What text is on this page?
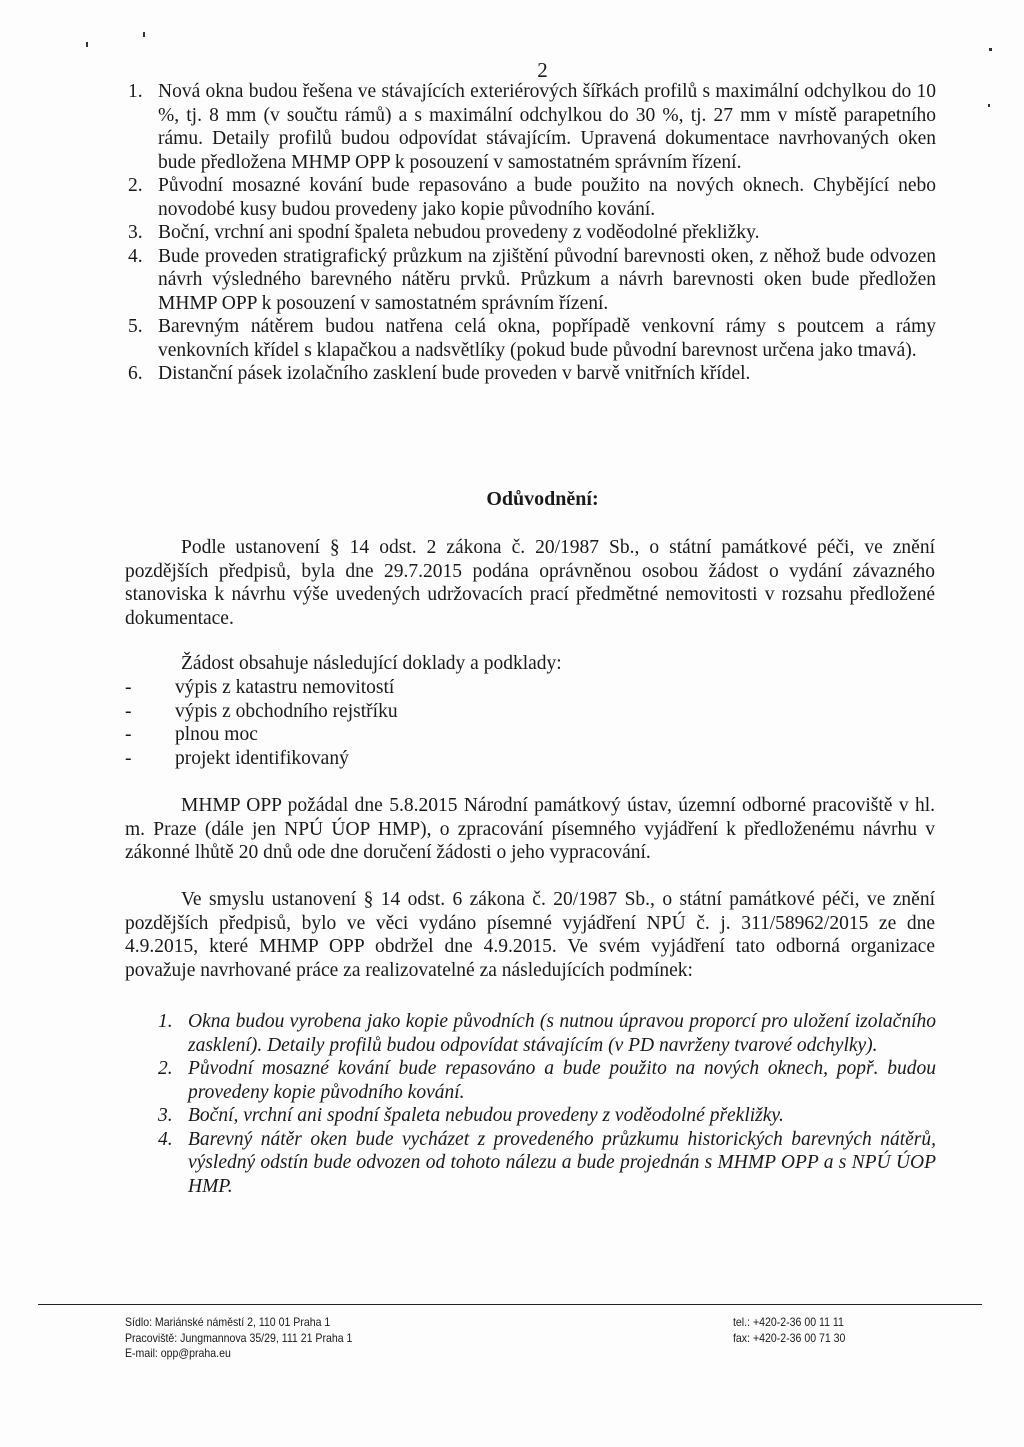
2
1. Nová okna budou řešena ve stávajících exteriérových šířkách profilů s maximální odchylkou do 10 %, tj. 8 mm (v součtu rámů) a s maximální odchylkou do 30 %, tj. 27 mm v místě parapetního rámu. Detaily profilů budou odpovídat stávajícím. Upravená dokumentace navrhovaných oken bude předložena MHMP OPP k posouzení v samostatném správním řízení.
2. Původní mosazné kování bude repasováno a bude použito na nových oknech. Chybějící nebo novodobé kusy budou provedeny jako kopie původního kování.
3. Boční, vrchní ani spodní špaleta nebudou provedeny z voděodolné překližky.
4. Bude proveden stratigrafický průzkum na zjištění původní barevnosti oken, z něhož bude odvozen návrh výsledného barevného nátěru prvků. Průzkum a návrh barevnosti oken bude předložen MHMP OPP k posouzení v samostatném správním řízení.
5. Barevným nátěrem budou natřena celá okna, popřípadě venkovní rámy s poutcem a rámy venkovních křídel s klapačkou a nadsvětlíky (pokud bude původní barevnost určena jako tmavá).
6. Distanční pásek izolačního zasklení bude proveden v barvě vnitřních křídel.
Odůvodnění:

Podle ustanovení § 14 odst. 2 zákona č. 20/1987 Sb., o státní památkové péči, ve znění pozdějších předpisů, byla dne 29.7.2015 podána oprávněnou osobou žádost o vydání závazného stanoviska k návrhu výše uvedených udržovacích prací předmětné nemovitosti v rozsahu předložené dokumentace.

Žádost obsahuje následující doklady a podklady:

- výpis z katastru nemovitostí
- výpis z obchodního rejstříku
- plnou moc
- projekt identifikovaný

MHMP OPP požádal dne 5.8.2015 Národní památkový ústav, územní odborné pracoviště v hl. m. Praze (dále jen NPÚ ÚOP HMP), o zpracování písemného vyjádření k předloženému návrhu v zákonné lhůtě 20 dnů ode dne doručení žádosti o jeho vypracování.

Ve smyslu ustanovení § 14 odst. 6 zákona č. 20/1987 Sb., o státní památkové péči, ve znění pozdějších předpisů, bylo ve věci vydáno písemné vyjádření NPÚ č. j. 311/58962/2015 ze dne 4.9.2015, které MHMP OPP obdržel dne 4.9.2015. Ve svém vyjádření tato odborná organizace považuje navrhované práce za realizovatelné za následujících podmínek:

1. Okna budou vyrobena jako kopie původních (s nutnou úpravou proporcí pro uložení izolačního zasklení). Detaily profilů budou odpovídat stávajícím (v PD navrženy tvarové odchylky).
2. Původní mosazné kování bude repasováno a bude použito na nových oknech, popř. budou provedeny kopie původního kování.
3. Boční, vrchní ani spodní špaleta nebudou provedeny z voděodolné překližky.
4. Barevný nátěr oken bude vycházet z provedeného průzkumu historických barevných nátěrů, výsledný odstín bude odvozen od tohoto nálezu a bude projednán s MHMP OPP a s NPÚ ÚOP HMP.
Sídlo: Mariánské náměstí 2, 110 01 Praha 1
Pracoviště: Jungmannova 35/29, 111 21 Praha 1
E-mail: opp@praha.eu
tel.: +420-2-36 00 11 11
fax: +420-2-36 00 71 30
